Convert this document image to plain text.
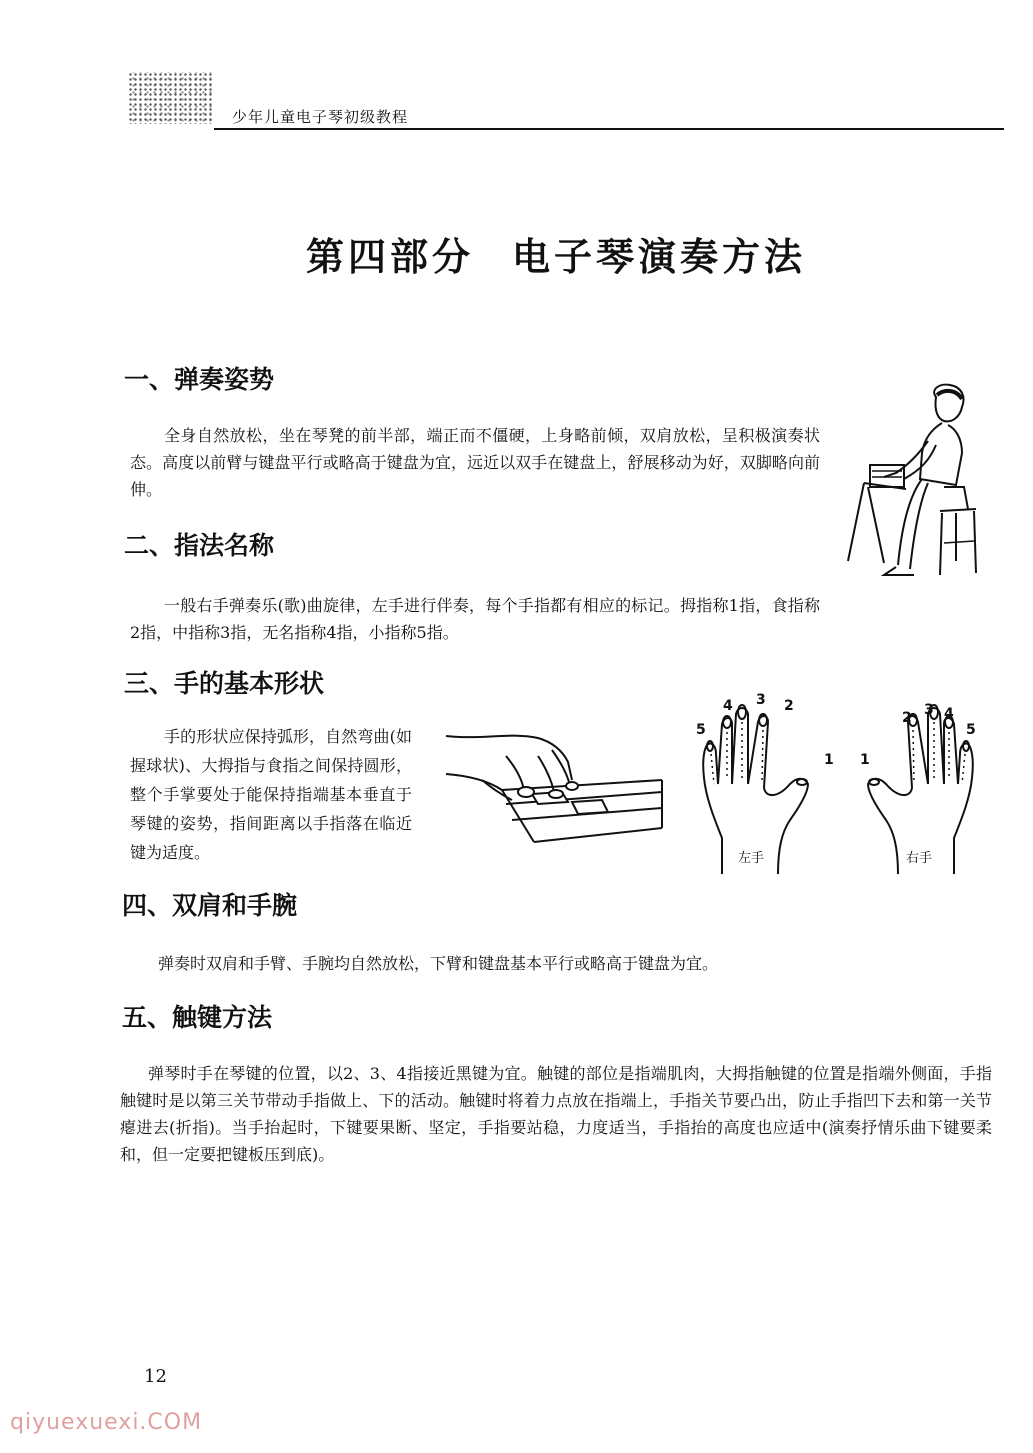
少年儿童电子琴初级教程
第四部分 电子琴演奏方法
一、弹奏姿势
全身自然放松，坐在琴凳的前半部，端正而不僵硬，上身略前倾，双肩放松，呈积极演奏状态。高度以前臂与键盘平行或略高于键盘为宜，远近以双手在键盘上，舒展移动为好，双脚略向前伸。
二、指法名称
一般右手弹奏乐(歌)曲旋律，左手进行伴奏，每个手指都有相应的标记。拇指称1指，食指称2指，中指称3指，无名指称4指，小指称5指。
三、手的基本形状
手的形状应保持弧形，自然弯曲(如握球状)、大拇指与食指之间保持圆形，整个手掌要处于能保持指端基本垂直于琴键的姿势，指间距离以手指落在临近键为适度。
5
4 3 2
1 1
2 3 4
5
左手	右手
四、双肩和手腕
弹奏时双肩和手臂、手腕均自然放松，下臂和键盘基本平行或略高于键盘为宜。
五、触键方法
弹琴时手在琴键的位置，以2、3、4指接近黑键为宜。触键的部位是指端肌肉，大拇指触键的位置是指端外侧面，手指触键时是以第三关节带动手指做上、下的活动。触键时将着力点放在指端上，手指关节要凸出，防止手指凹下去和第一关节瘪进去(折指)。当手抬起时，下键要果断、坚定，手指要站稳，力度适当，手指抬的高度也应适中(演奏抒情乐曲下键要柔和，但一定要把键板压到底)。
12
qiyuexuexi.COM
